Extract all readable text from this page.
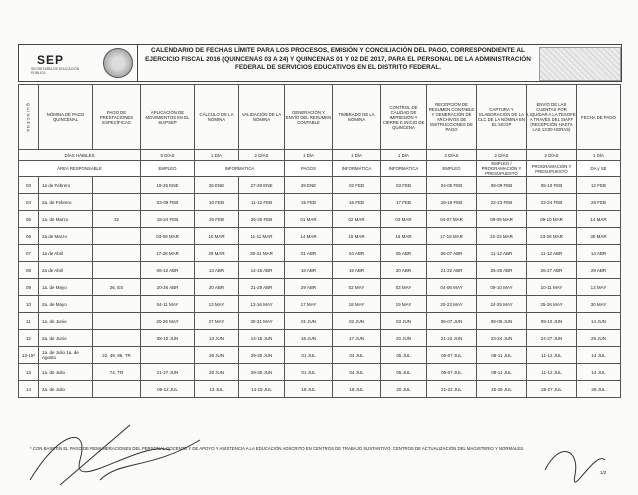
SEP
SECRETARÍA DE EDUCACIÓN PÚBLICA
CALENDARIO DE FECHAS LÍMITE PARA LOS PROCESOS, EMISIÓN Y CONCILIACIÓN DEL PAGO, CORRESPONDIENTE AL EJERCICIO FISCAL 2016 (QUINCENAS 03 A 24) Y QUINCENAS 01 Y 02 DE 2017, PARA EL PERSONAL DE LA ADMINISTRACIÓN FEDERAL DE SERVICIOS EDUCATIVOS EN EL DISTRITO FEDERAL.
Q U I N C E N A	NÓMINA DE PAGO QUINCENAL	PAGO DE PRESTACIONES ESPECÍFICAS	APLICACIÓN DE MOVIMIENTOS EN EL SIAPSEP	CÁLCULO DE LA NÓMINA	VALIDACIÓN DE LA NÓMINA	GENERACIÓN Y ENVÍO DEL RESUMEN CONTABLE	TIMBRADO DE LA NÓMINA	CONTROL DE CALIDAD DE IMPRESIÓN Y CIERRE E INICIO DE QUINCENA	RECEPCIÓN DE RESUMEN CONTABLE Y GENERACIÓN DE ARCHIVOS DE INSTRUCCIONES DE PAGO	CAPTURA Y ELABORACIÓN DE LA CLC DE LA NÓMINA EN EL SICOP	ENVÍO DE LAS CUENTAS POR LIQUIDAR A LA TESOFE A TRAVÉS DEL SIAFF (RECEPCIÓN HASTA LAS 13:00 HORAS)	FECHA DE PAGO
DÍAS HÁBILES			5 DÍAS	1 DÍA	2 DÍAS	1 DÍA	1 DÍA	1 DÍA	2 DÍAS	2 DÍAS	2 DÍAS	1 DÍA
ÁREA RESPONSABLE			EMPLEO	INFORMÁTICA		PAGOS	INFORMÁTICA	INFORMÁTICA	EMPLEO	EMPLEO / PROGRAMACIÓN Y PRESUPUESTO	PROGRAMACIÓN Y PRESUPUESTO	DA y SE
03	1a de Febrero		19-25 ENE	26 ENE	27-28 ENE	29 ENE	02 FEB	03 FEB	04-05 FEB	08-09 FEB	05-10 FEB	12 FEB
04	2a. de Febrero		03-09 FEB	10 FEB	11-12 FEB	15 FEB	16 FEB	17 FEB	18-19 FEB	22-23 FEB	23-24 FEB	26 FEB
05	1a. de Marzo	32	18-24 FEB	25 FEB	26-25 FEB	01 MAR	02 MAR	03 MAR	04-07 MAR	08-09 MAR	09-10 MAR	14 MAR
06	2a.de Marzo		03-09 MAR	10 MAR	11-11 MAR	14 MAR	15 MAR	16 MAR	17-18 MAR	22-23 MAR	23-28 MAR	30 MAR
07	1a de Abril		17-28 MAR	29 MAR	30-31 MAR	01 ABR	04 ABR	05 ABR	06-07 ABR	11-12 ABR	11-12 ABR	14 ABR
08	2a de Abril		06-12 ABR	13 ABR	14-15 ABR	18 ABR	19 ABR	20 ABR	21-22 ABR	25-26 ABR	26-27 ABR	29 ABR
09	1a. de Mayo	26, ES	20-26 ABR	20 ABR	21-28 ABR	29 ABR	02 MAY	03 MAY	04-06 MAY	09-10 MAY	10-11 MAY	13 MAY
10	2a. de Mayo		04-11 MAY	13 MAY	13-16 MAY	17 MAY	18 MAY	19 MAY	20-23 MAY	24-25 MAY	25-26 MAY	30 MAY
11	1a. de Junio		20-26 MAY	27 MAY	30-31 MAY	01 JUN	02 JUN	03 JUN	06-07 JUN	08-08 JUN	09-10 JUN	14 JUN
12	2a. de Junio		08-10 JUN	13 JUN	14-15 JUN	16 JUN	17 JUN	20 JUN	21-22 JUN	23-24 JUN	24-27 JUN	29 JUN
13-15*	1a. de Julio 1a. de Agosto	22, 49, 86, TR		28 JUN	29-30 JUN	01 JUL	04 JUL	05 JUL	06-07 JUL	08-11 JUL	11-12 JUL	14 JUL
13	1a. de Julio	74, TR	21-27 JUN	28 JUN	29-30 JUN	01 JUL	04 JUL	05 JUL	06-07 JUL	08-11 JUL	11-12 JUL	14 JUL
14	2a. de Julio		06-12 JUL	13 JUL	14-15 JUL	18 JUL	19 JUL	20 JUL	21-22 JUL	25-26 JUL	26-27 JUL	29 JUL
* CON BASE EN EL PAGO DE REMUNERACIONES DEL PERSONAL DOCENTE Y DE APOYO Y ASISTENCIA A LA EDUCACIÓN ADSCRITO EN CENTROS DE TRABAJO SUSTANTIVO, CENTROS DE ACTUALIZACIÓN DEL MAGISTERIO Y NORMALES.
1/2
